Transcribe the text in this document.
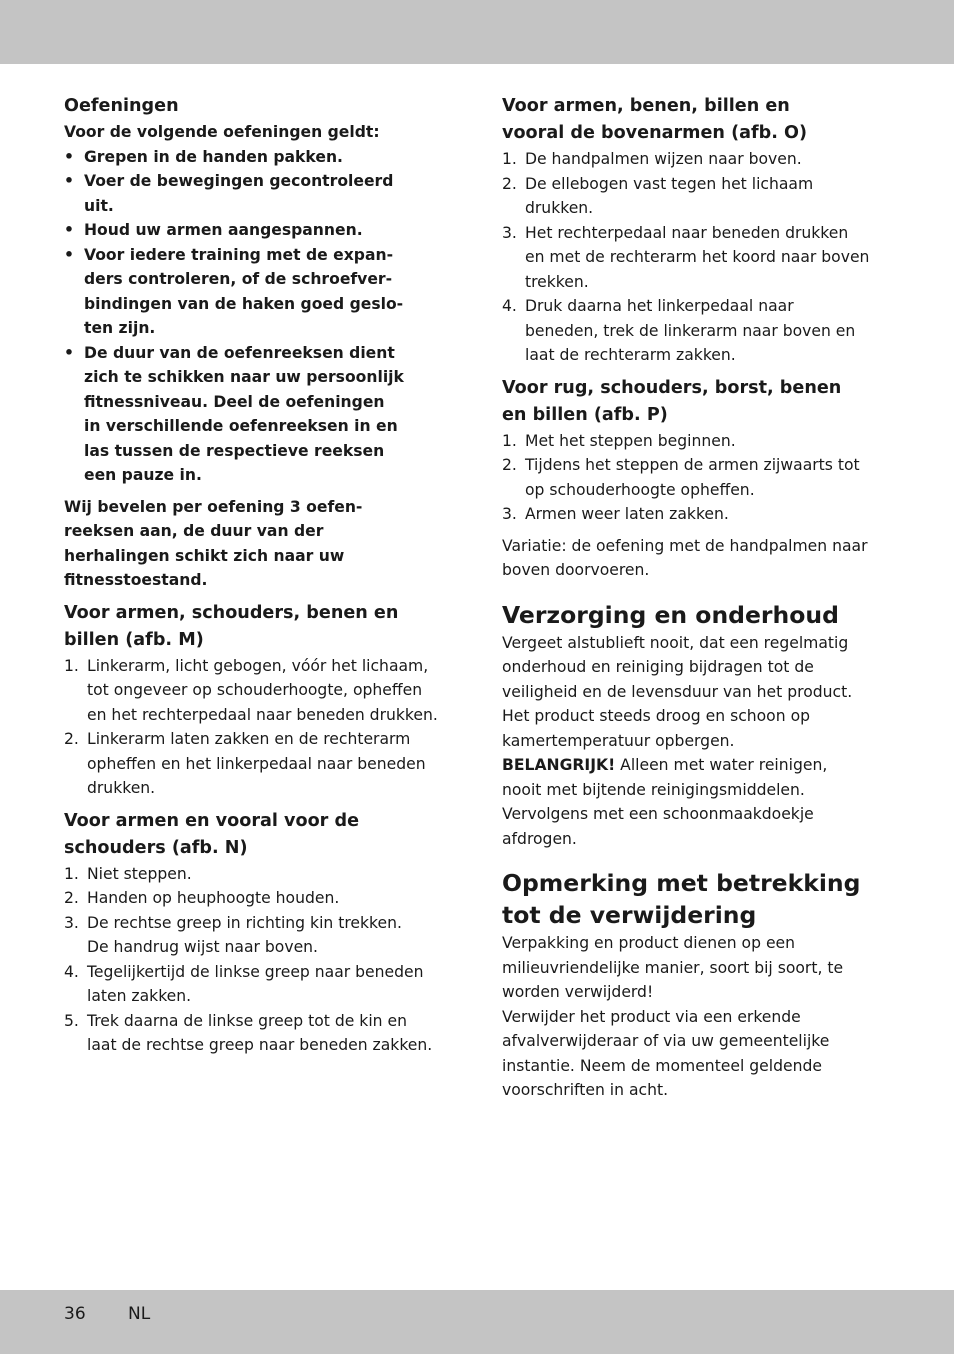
Oefeningen

Voor de volgende oefeningen geldt:

• Grepen in de handen pakken.

• Voer de bewegingen gecontroleerd

uit.

• Houd uw armen aangespannen.

• Voor iedere training met de expan-

ders controleren, of de schroefver-

bindingen van de haken goed geslo-

ten zijn.

• De duur van de oefenreeksen dient

zich te schikken naar uw persoonlijk

fitnessniveau. Deel de oefeningen

in verschillende oefenreeksen in en

las tussen de respectieve reeksen

een pauze in.

Wij bevelen per oefening 3 oefen-

reeksen aan, de duur van der

herhalingen schikt zich naar uw

fitnesstoestand.

Voor armen, schouders, benen en

billen (afb. M)

1. Linkerarm, licht gebogen, vóór het lichaam,

tot ongeveer op schouderhoogte, opheffen

en het rechterpedaal naar beneden drukken.

2. Linkerarm laten zakken en de rechterarm

opheffen en het linkerpedaal naar beneden

drukken.

Voor armen en vooral voor de

schouders (afb. N)

1. Niet steppen.

2. Handen op heuphoogte houden.

3. De rechtse greep in richting kin trekken.

De handrug wijst naar boven.

4. Tegelijkertijd de linkse greep naar beneden

laten zakken.

5. Trek daarna de linkse greep tot de kin en

laat de rechtse greep naar beneden zakken.

Voor armen, benen, billen en

vooral de bovenarmen (afb. O)

1. De handpalmen wijzen naar boven.

2. De ellebogen vast tegen het lichaam

drukken.

3. Het rechterpedaal naar beneden drukken

en met de rechterarm het koord naar boven

trekken.

4. Druk daarna het linkerpedaal naar

beneden, trek de linkerarm naar boven en

laat de rechterarm zakken.

Voor rug, schouders, borst, benen

en billen (afb. P)

1. Met het steppen beginnen.

2. Tijdens het steppen de armen zijwaarts tot

op schouderhoogte opheffen.

3. Armen weer laten zakken.

Variatie: de oefening met de handpalmen naar

boven doorvoeren.

Verzorging en onderhoud

Vergeet alstublieft nooit, dat een regelmatig

onderhoud en reiniging bijdragen tot de

veiligheid en de levensduur van het product.

Het product steeds droog en schoon op

kamertemperatuur opbergen.

BELANGRIJK! Alleen met water reinigen,

nooit met bijtende reinigingsmiddelen.

Vervolgens met een schoonmaakdoekje

afdrogen.

Opmerking met betrekking

tot de verwijdering

Verpakking en product dienen op een

milieuvriendelijke manier, soort bij soort, te

worden verwijderd!

Verwijder het product via een erkende

afvalverwijderaar of via uw gemeentelijke

instantie. Neem de momenteel geldende

voorschriften in acht.

36 NL
